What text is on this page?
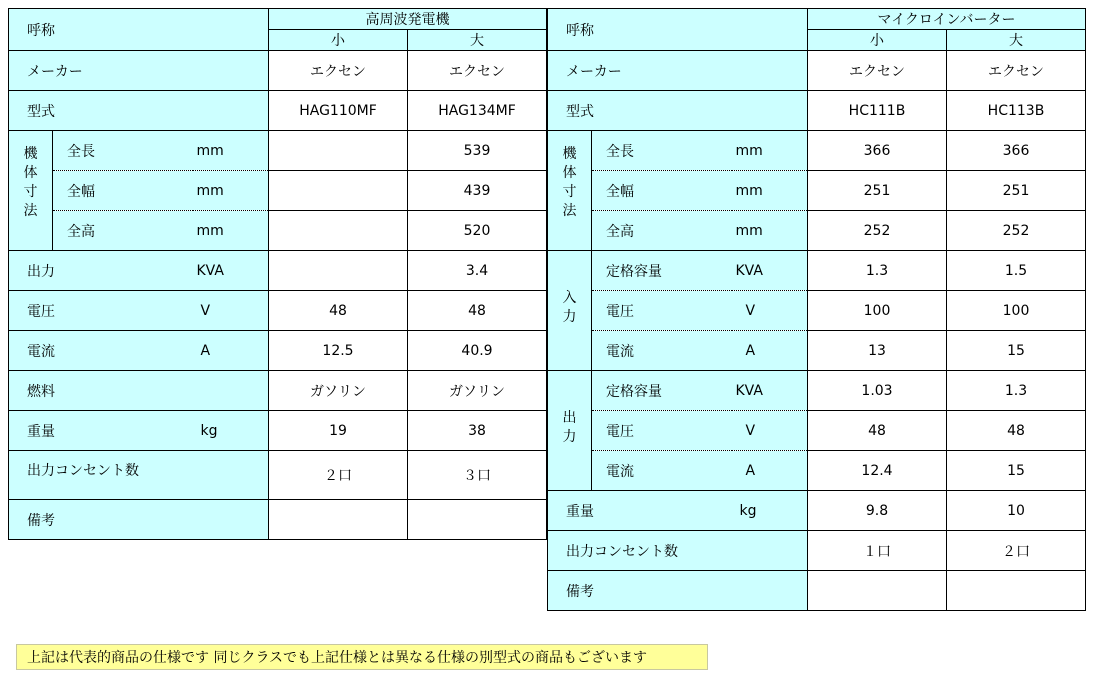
呼称			高周波発電機	
			小	大
メーカー			エクセン	エクセン
型式			HAG110MF	HAG134MF
機
体
寸
法	全長	mm		539
	全幅	mm		439
	全高	mm		520
出力		KVA		3.4
電圧		V	48	48
電流		A	12.5	40.9
燃料			ガソリン	ガソリン
重量		kg	19	38
出力コンセント数			２口	３口
備考				
呼称			マイクロインバーター	
			小	大
メーカー			エクセン	エクセン
型式			HC111B	HC113B
機
体
寸
法	全長	mm	366	366
	全幅	mm	251	251
	全高	mm	252	252
入
力	定格容量	KVA	1.3	1.5
	電圧	V	100	100
	電流	A	13	15
出
力	定格容量	KVA	1.03	1.3
	電圧	V	48	48
	電流	A	12.4	15
重量		kg	9.8	10
出力コンセント数			１口	２口
備考				
上記は代表的商品の仕様です 同じクラスでも上記仕様とは異なる仕様の別型式の商品もございます
